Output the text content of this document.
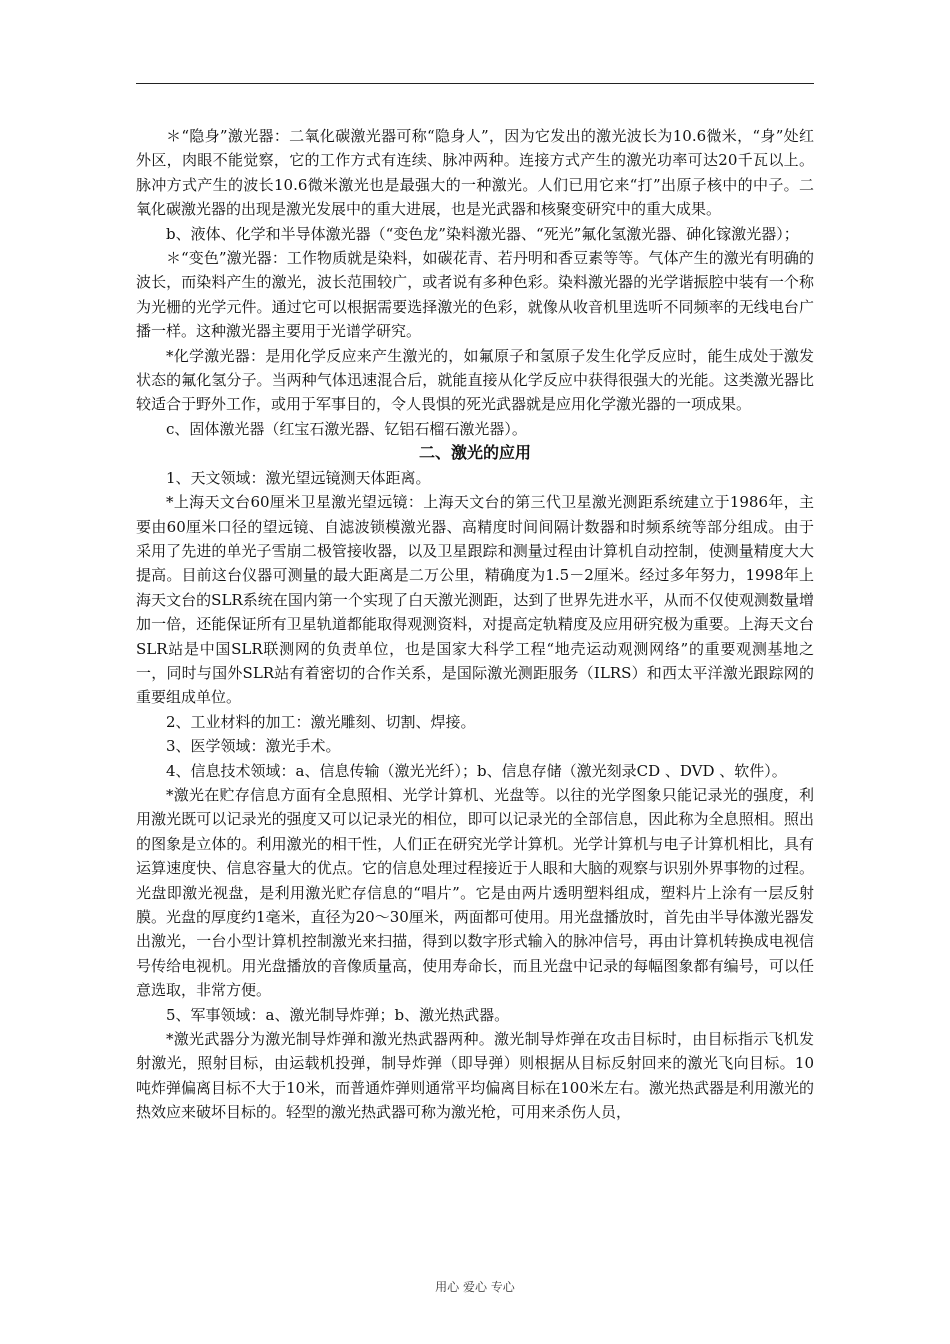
＊“隐身”激光器：二氧化碳激光器可称“隐身人”，因为它发出的激光波长为10.6微米，“身”处红外区，肉眼不能觉察，它的工作方式有连续、脉冲两种。连接方式产生的激光功率可达20千瓦以上。脉冲方式产生的波长10.6微米激光也是最强大的一种激光。人们已用它来“打”出原子核中的中子。二氧化碳激光器的出现是激光发展中的重大进展，也是光武器和核聚变研究中的重大成果。

b、液体、化学和半导体激光器（“变色龙”染料激光器、“死光”氟化氢激光器、砷化镓激光器）；

＊“变色”激光器：工作物质就是染料，如碳花青、若丹明和香豆素等等。气体产生的激光有明确的波长，而染料产生的激光，波长范围较广，或者说有多种色彩。染料激光器的光学谐振腔中装有一个称为光栅的光学元件。通过它可以根据需要选择激光的色彩，就像从收音机里选听不同频率的无线电台广播一样。这种激光器主要用于光谱学研究。

*化学激光器：是用化学反应来产生激光的，如氟原子和氢原子发生化学反应时，能生成处于激发状态的氟化氢分子。当两种气体迅速混合后，就能直接从化学反应中获得很强大的光能。这类激光器比较适合于野外工作，或用于军事目的，令人畏惧的死光武器就是应用化学激光器的一项成果。

c、固体激光器（红宝石激光器、钇铝石榴石激光器）。

二、激光的应用

1、天文领域：激光望远镜测天体距离。

*上海天文台60厘米卫星激光望远镜：上海天文台的第三代卫星激光测距系统建立于1986年，主要由60厘米口径的望远镜、自滤波锁模激光器、高精度时间间隔计数器和时频系统等部分组成。由于采用了先进的单光子雪崩二极管接收器，以及卫星跟踪和测量过程由计算机自动控制，使测量精度大大提高。目前这台仪器可测量的最大距离是二万公里，精确度为1.5－2厘米。经过多年努力，1998年上海天文台的SLR系统在国内第一个实现了白天激光测距，达到了世界先进水平，从而不仅使观测数量增加一倍，还能保证所有卫星轨道都能取得观测资料，对提高定轨精度及应用研究极为重要。上海天文台SLR站是中国SLR联测网的负责单位，也是国家大科学工程“地壳运动观测网络”的重要观测基地之一，同时与国外SLR站有着密切的合作关系，是国际激光测距服务（ILRS）和西太平洋激光跟踪网的重要组成单位。

2、工业材料的加工：激光雕刻、切割、焊接。

3、医学领域：激光手术。

4、信息技术领域：a、信息传输（激光光纤）；b、信息存储（激光刻录CD 、DVD 、软件）。

*激光在贮存信息方面有全息照相、光学计算机、光盘等。以往的光学图象只能记录光的强度，利用激光既可以记录光的强度又可以记录光的相位，即可以记录光的全部信息，因此称为全息照相。照出的图象是立体的。利用激光的相干性，人们正在研究光学计算机。光学计算机与电子计算机相比，具有运算速度快、信息容量大的优点。它的信息处理过程接近于人眼和大脑的观察与识别外界事物的过程。光盘即激光视盘，是利用激光贮存信息的“唱片”。它是由两片透明塑料组成，塑料片上涂有一层反射膜。光盘的厚度约1毫米，直径为20～30厘米，两面都可使用。用光盘播放时，首先由半导体激光器发出激光，一台小型计算机控制激光来扫描，得到以数字形式输入的脉冲信号，再由计算机转换成电视信号传给电视机。用光盘播放的音像质量高，使用寿命长，而且光盘中记录的每幅图象都有编号，可以任意选取，非常方便。

5、军事领域：a、激光制导炸弹；b、激光热武器。

*激光武器分为激光制导炸弹和激光热武器两种。激光制导炸弹在攻击目标时，由目标指示飞机发射激光，照射目标，由运载机投弹，制导炸弹（即导弹）则根据从目标反射回来的激光飞向目标。10吨炸弹偏离目标不大于10米，而普通炸弹则通常平均偏离目标在100米左右。激光热武器是利用激光的热效应来破坏目标的。轻型的激光热武器可称为激光枪，可用来杀伤人员，

用心 爱心 专心
